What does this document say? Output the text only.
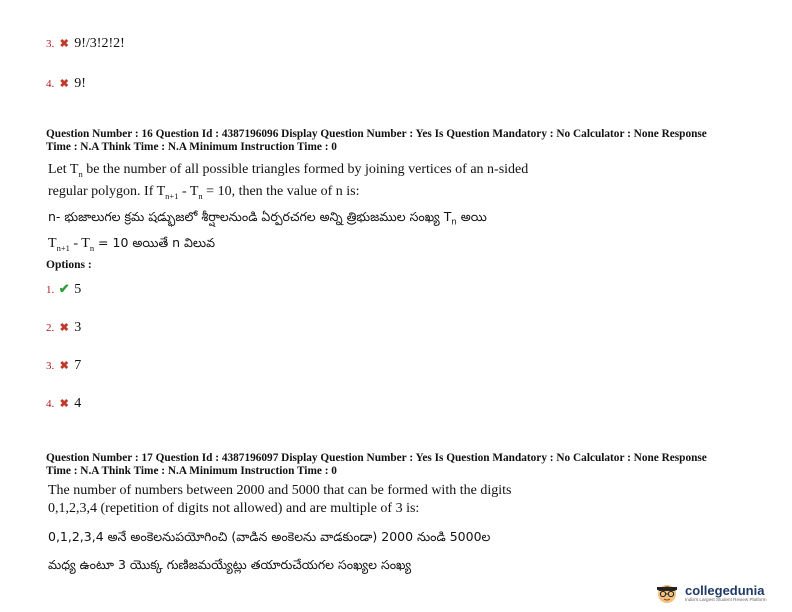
3. ✖ 9!/3!2!2!
4. ✖ 9!
Question Number : 16 Question Id : 4387196096 Display Question Number : Yes Is Question Mandatory : No Calculator : None Response
Time : N.A Think Time : N.A Minimum Instruction Time : 0
Let $T_n$ be the number of all possible triangles formed by joining vertices of an n-sided
regular polygon. If $T_{n+1} - T_n = 10$, then the value of n is:
n- భుజాలుగల క్రమ షడ్భుజలో శీర్షాలనుండి ఏర్పరచగల అన్ని త్రిభుజముల సంఖ్య $T_n$ అయి
$T_{n+1} - T_n = 10$ అయితే n విలువ
Options :
1. ✔ 5
2. ✖ 3
3. ✖ 7
4. ✖ 4
Question Number : 17 Question Id : 4387196097 Display Question Number : Yes Is Question Mandatory : No Calculator : None Response
Time : N.A Think Time : N.A Minimum Instruction Time : 0
The number of numbers between 2000 and 5000 that can be formed with the digits
0,1,2,3,4 (repetition of digits not allowed) and are multiple of 3 is:
0,1,2,3,4 అనే అంకెలనుపయోగించి (వాడిన అంకెలను వాడకుండా) 2000 నుండి 5000ల
మధ్య ఉంటూ 3 యొక్క గుణిజమయ్యేట్లు తయారుచేయగల సంఖ్యల సంఖ్య
collegedunia
India's Largest Student Review Platform
